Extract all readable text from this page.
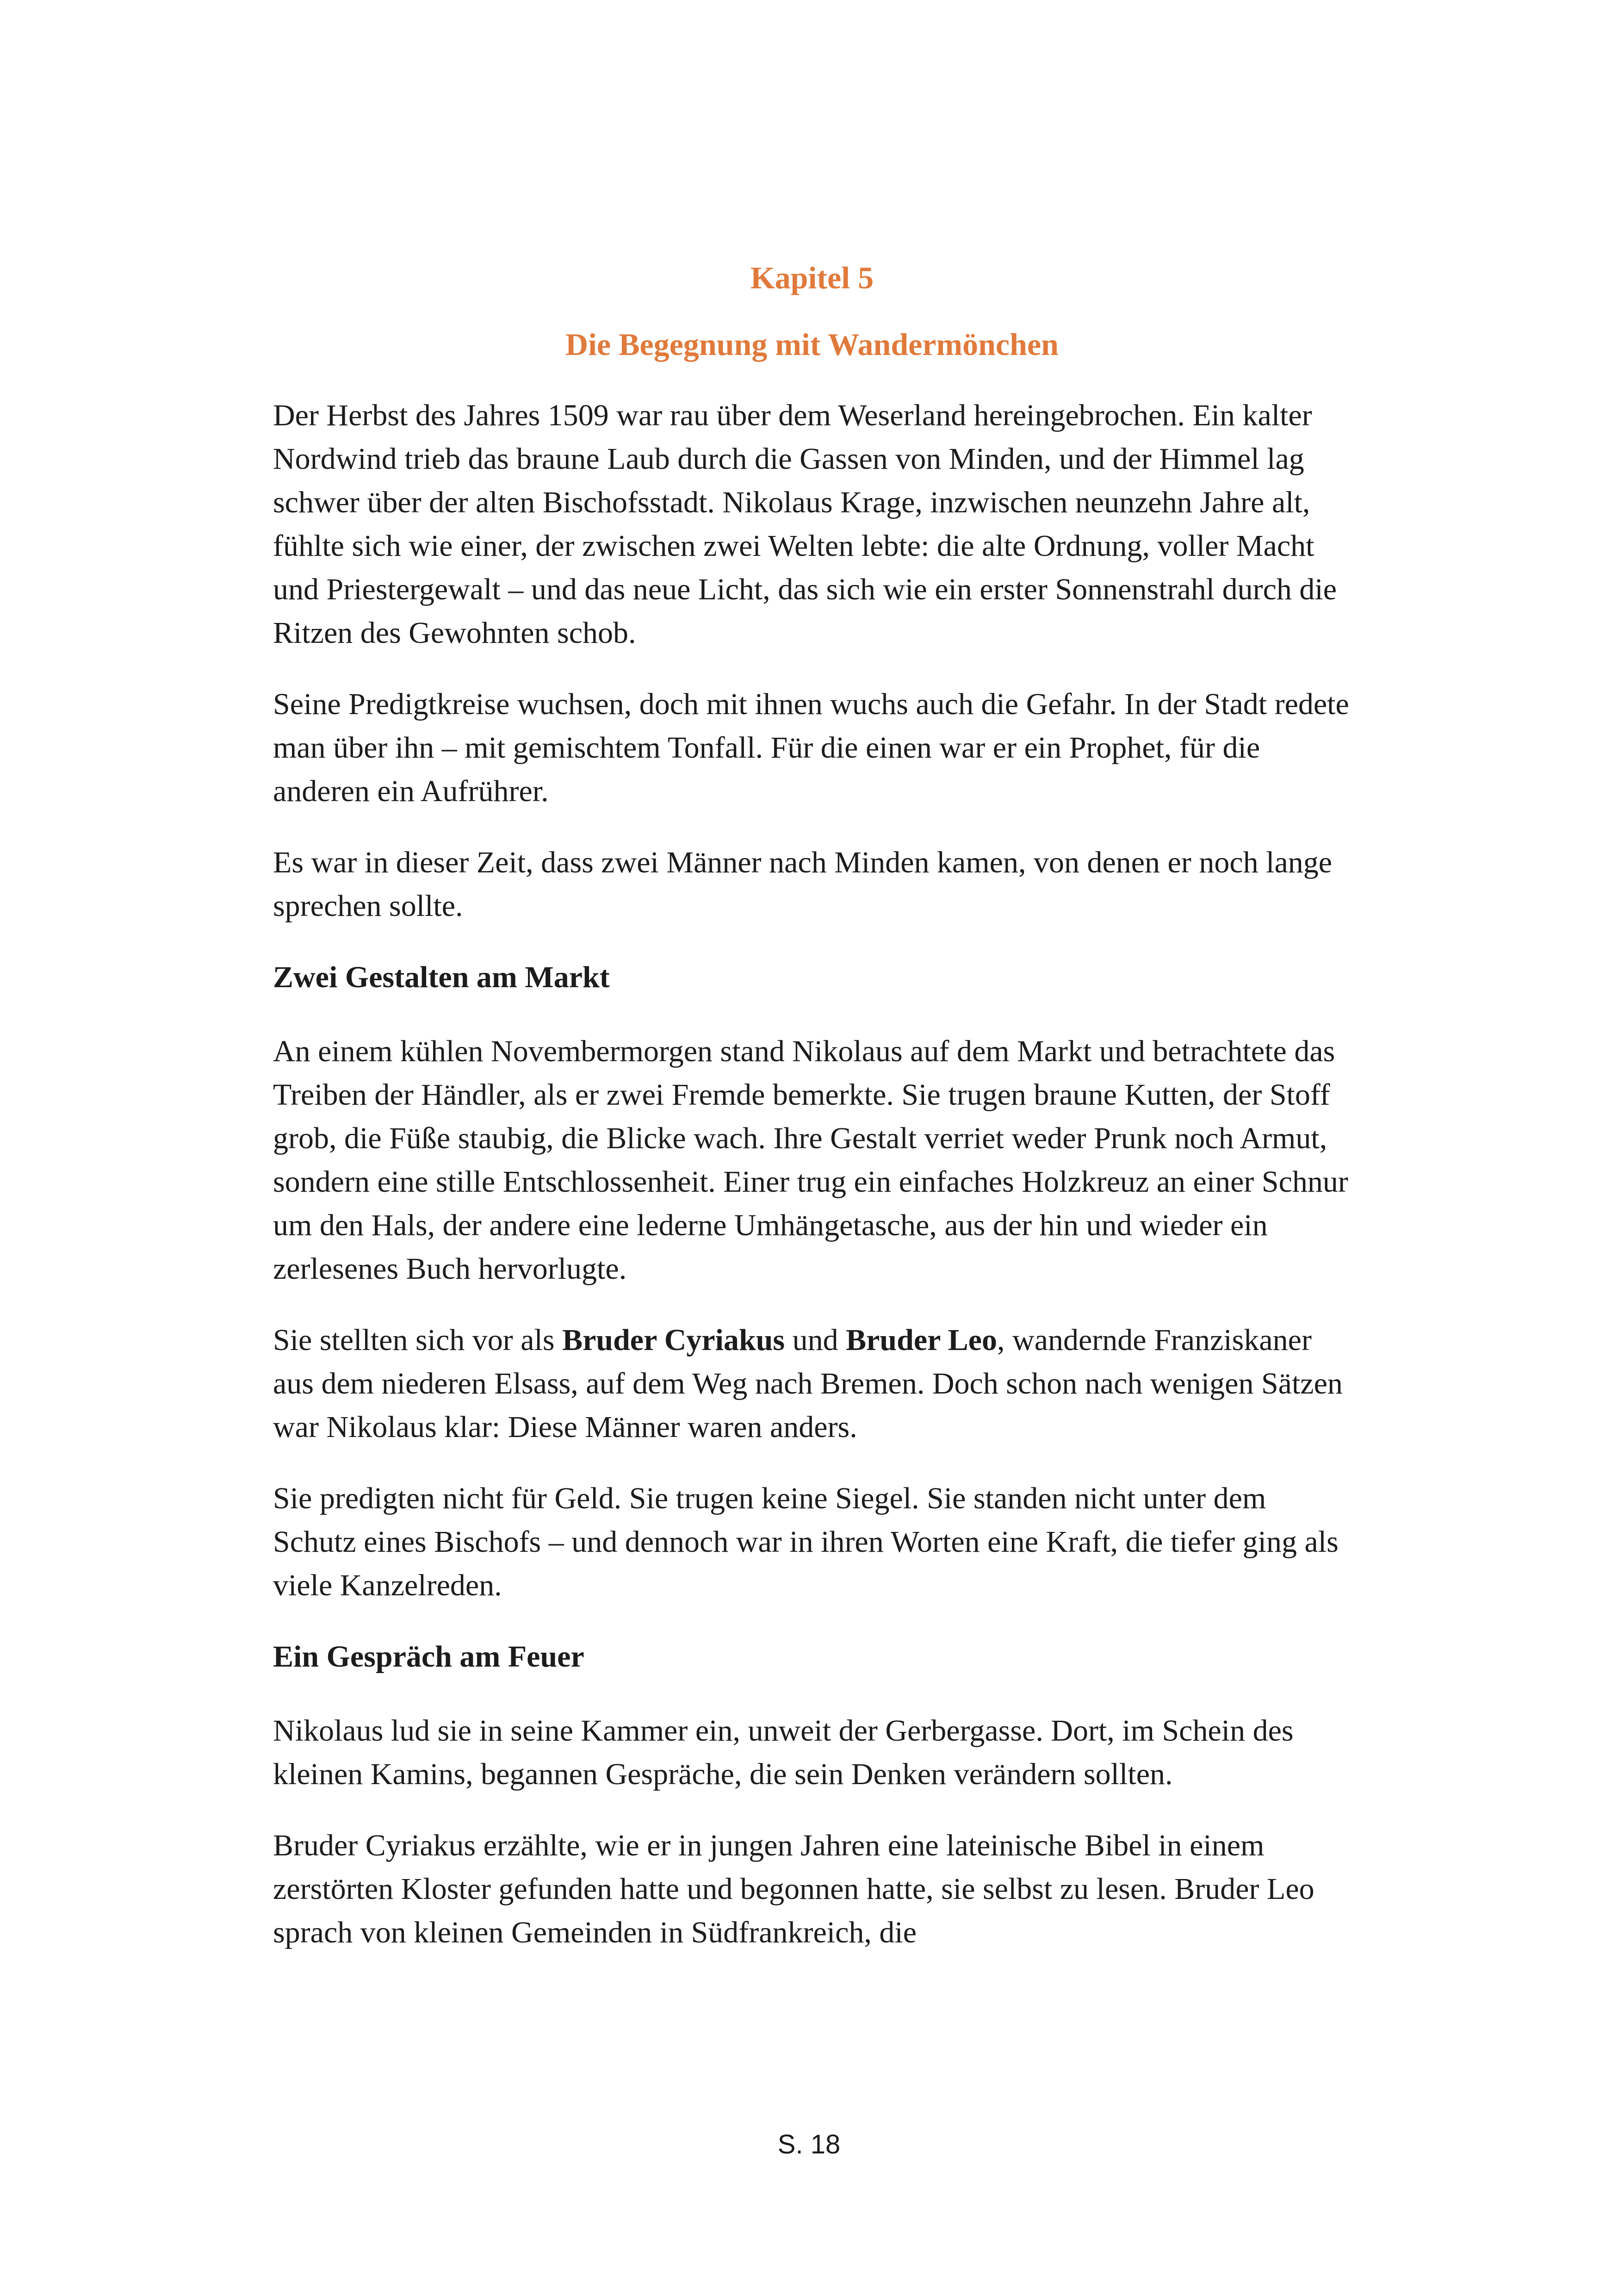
Kapitel 5
Die Begegnung mit Wandermönchen

Der Herbst des Jahres 1509 war rau über dem Weserland hereingebrochen. Ein kalter Nordwind trieb das braune Laub durch die Gassen von Minden, und der Himmel lag schwer über der alten Bischofsstadt. Nikolaus Krage, inzwischen neunzehn Jahre alt, fühlte sich wie einer, der zwischen zwei Welten lebte: die alte Ordnung, voller Macht und Priestergewalt – und das neue Licht, das sich wie ein erster Sonnenstrahl durch die Ritzen des Gewohnten schob.

Seine Predigtkreise wuchsen, doch mit ihnen wuchs auch die Gefahr. In der Stadt redete man über ihn – mit gemischtem Tonfall. Für die einen war er ein Prophet, für die anderen ein Aufrührer.

Es war in dieser Zeit, dass zwei Männer nach Minden kamen, von denen er noch lange sprechen sollte.

Zwei Gestalten am Markt

An einem kühlen Novembermorgen stand Nikolaus auf dem Markt und betrachtete das Treiben der Händler, als er zwei Fremde bemerkte. Sie trugen braune Kutten, der Stoff grob, die Füße staubig, die Blicke wach. Ihre Gestalt verriet weder Prunk noch Armut, sondern eine stille Entschlossenheit. Einer trug ein einfaches Holzkreuz an einer Schnur um den Hals, der andere eine lederne Umhängetasche, aus der hin und wieder ein zerlesenes Buch hervorlugte.

Sie stellten sich vor als Bruder Cyriakus und Bruder Leo, wandernde Franziskaner aus dem niederen Elsass, auf dem Weg nach Bremen. Doch schon nach wenigen Sätzen war Nikolaus klar: Diese Männer waren anders.

Sie predigten nicht für Geld. Sie trugen keine Siegel. Sie standen nicht unter dem Schutz eines Bischofs – und dennoch war in ihren Worten eine Kraft, die tiefer ging als viele Kanzelreden.

Ein Gespräch am Feuer

Nikolaus lud sie in seine Kammer ein, unweit der Gerbergasse. Dort, im Schein des kleinen Kamins, begannen Gespräche, die sein Denken verändern sollten.

Bruder Cyriakus erzählte, wie er in jungen Jahren eine lateinische Bibel in einem zerstörten Kloster gefunden hatte und begonnen hatte, sie selbst zu lesen. Bruder Leo sprach von kleinen Gemeinden in Südfrankreich, die

S. 18
